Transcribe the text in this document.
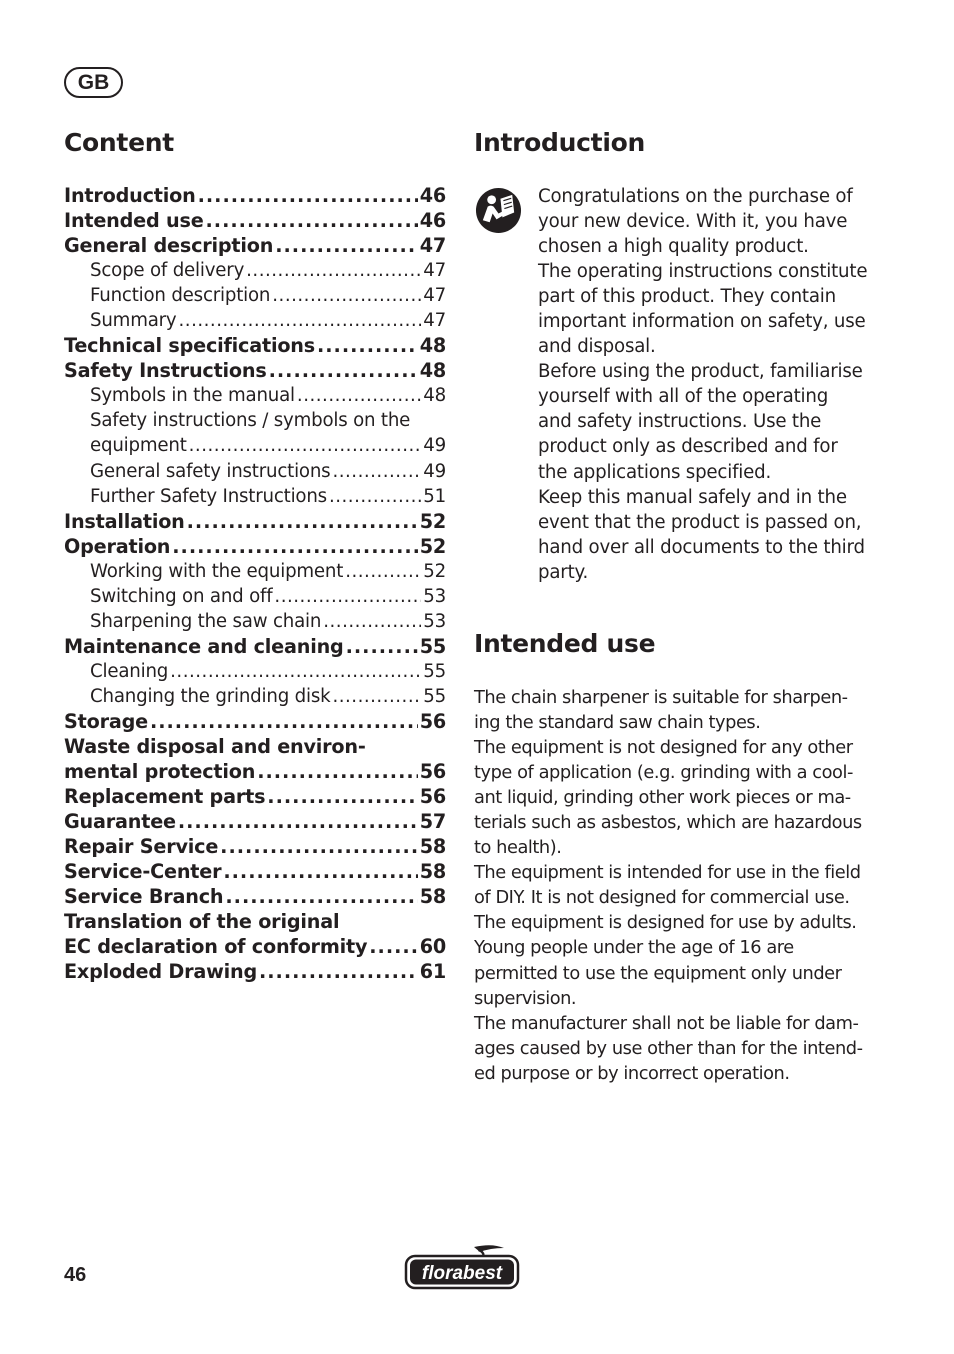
GB
Content
Introduction .....	46
Intended use .....	46
General description .....	47
Scope of delivery .....	47
Function description .....	47
Summary .....	47
Technical specifications .....	48
Safety Instructions .....	48
Symbols in the manual .....	48
Safety instructions / symbols on the
equipment .....	49
General safety instructions .....	49
Further Safety Instructions .....	51
Installation .....	52
Operation .....	52
Working with the equipment .....	52
Switching on and off .....	53
Sharpening the saw chain .....	53
Maintenance and cleaning .....	55
Cleaning .....	55
Changing the grinding disk .....	55
Storage .....	56
Waste disposal and environ-
mental protection .....	56
Replacement parts .....	56
Guarantee .....	57
Repair Service .....	58
Service-Center .....	58
Service Branch .....	58
Translation of the original
EC declaration of conformity .....	60
Exploded Drawing .....	61
Introduction
Congratulations on the purchase of
your new device. With it, you have
chosen a high quality product.
The operating instructions constitute
part of this product. They contain
important information on safety, use
and disposal.
Before using the product, familiarise
yourself with all of the operating
and safety instructions. Use the
product only as described and for
the applications specified.
Keep this manual safely and in the
event that the product is passed on,
hand over all documents to the third
party.
Intended use
The chain sharpener is suitable for sharpen-
ing the standard saw chain types.
The equipment is not designed for any other
type of application (e.g. grinding with a cool-
ant liquid, grinding other work pieces or ma-
terials such as asbestos, which are hazardous
to health).
The equipment is intended for use in the field
of DIY. It is not designed for commercial use.
The equipment is designed for use by adults.
Young people under the age of 16 are
permitted to use the equipment only under
supervision.
The manufacturer shall not be liable for dam-
ages caused by use other than for the intend-
ed purpose or by incorrect operation.
46	florabest
